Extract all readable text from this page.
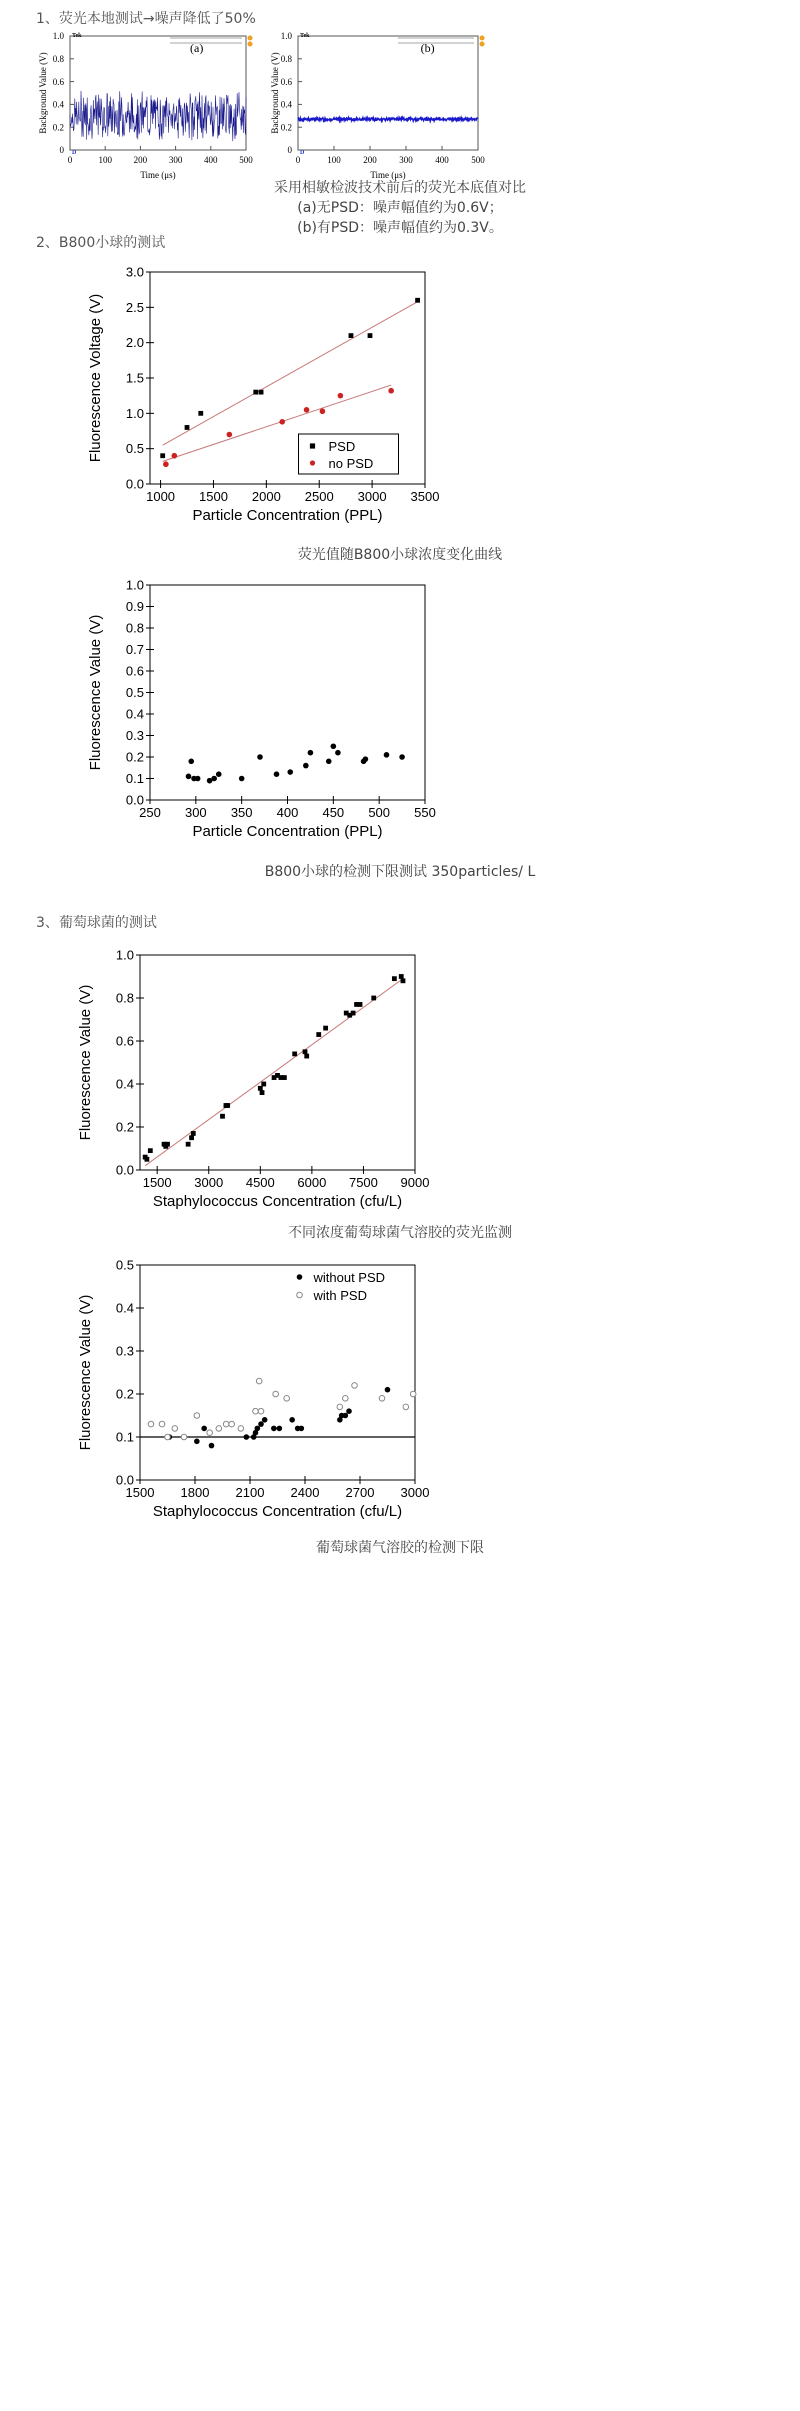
1、荧光本地测试→噪声降低了50%
Tek
D
0	100 200 300 400 500
0
0.2
0.4
0.6
0.8
1.0
Time (μs)
Background Value (V)
(a)
Tek
D
0	100	200	300	400	500
0
0.2
0.4
0.6
0.8
1.0
Time (μs)
Background Value (V)
(b)
采用相敏检波技术前后的荧光本底值对比
(a)无PSD：噪声幅值约为0.6V；
(b)有PSD：噪声幅值约为0.3V。
2、B800小球的测试
1000 1500 2000 2500 3000 3500
0.0
0.5
1.0
1.5
2.0
2.5
3.0
Particle Concentration (PPL)
Fluorescence Voltage (V)	PSD
no PSD
荧光值随B800小球浓度变化曲线
250 300 350 400 450 500 550
0.0
0.1
0.2
0.3
0.4
0.5
0.6
0.7
0.8
0.9
1.0
Particle Concentration (PPL)
Fluorescence Value (V)
B800小球的检测下限测试 350particles/ L
3、葡萄球菌的测试
1500 3000 4500 6000 7500 9000
0.0
0.2
0.4
0.6
0.8
1.0
Staphylococcus Concentration (cfu/L)
Fluorescence Value (V)
不同浓度葡萄球菌气溶胶的荧光监测
1500 1800 2100 2400 2700 3000
0.0
0.1
0.2
0.3
0.4
0.5
Staphylococcus Concentration (cfu/L)
Fluorescence Value (V)
without PSD
with PSD
葡萄球菌气溶胶的检测下限
